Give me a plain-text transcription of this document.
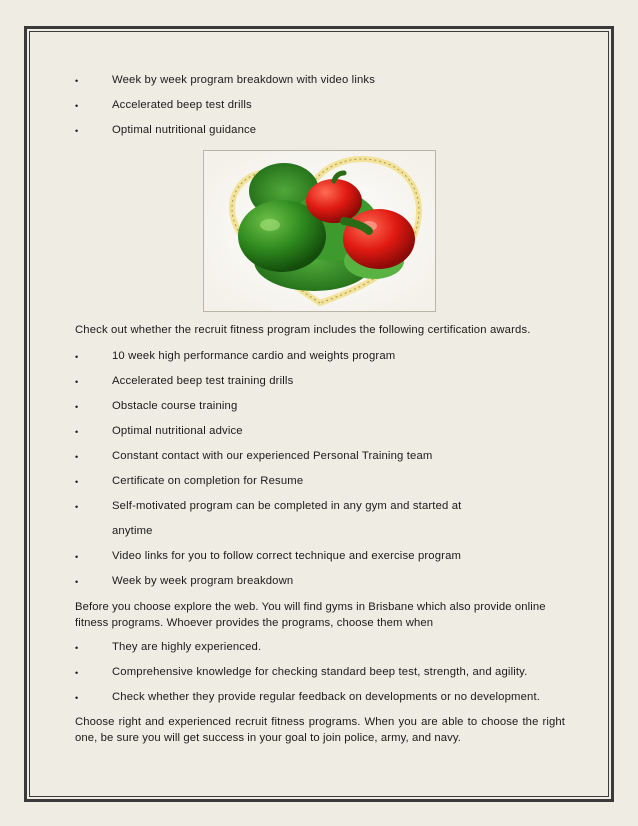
•	Week by week program breakdown with video links
•	Accelerated beep test drills
•	Optimal nutritional guidance
Check out whether the recruit fitness program includes the following certification awards.
•	10 week high performance cardio and weights program
•	Accelerated beep test training drills
•	Obstacle course training
•	Optimal nutritional advice
•	Constant contact with our experienced Personal Training team
•	Certificate on completion for Resume
•	Self-motivated program can be completed in any gym and started at
anytime
•	Video links for you to follow correct technique and exercise program
•	Week by week program breakdown
Before you choose explore the web. You will find gyms in Brisbane which also provide online fitness programs. Whoever provides the programs, choose them when
•	They are highly experienced.
•	Comprehensive knowledge for checking standard beep test, strength, and agility.
•	Check whether they provide regular feedback on developments or no development.
Choose right and experienced recruit fitness programs. When you are able to choose the right one, be sure you will get success in your goal to join police, army, and navy.
